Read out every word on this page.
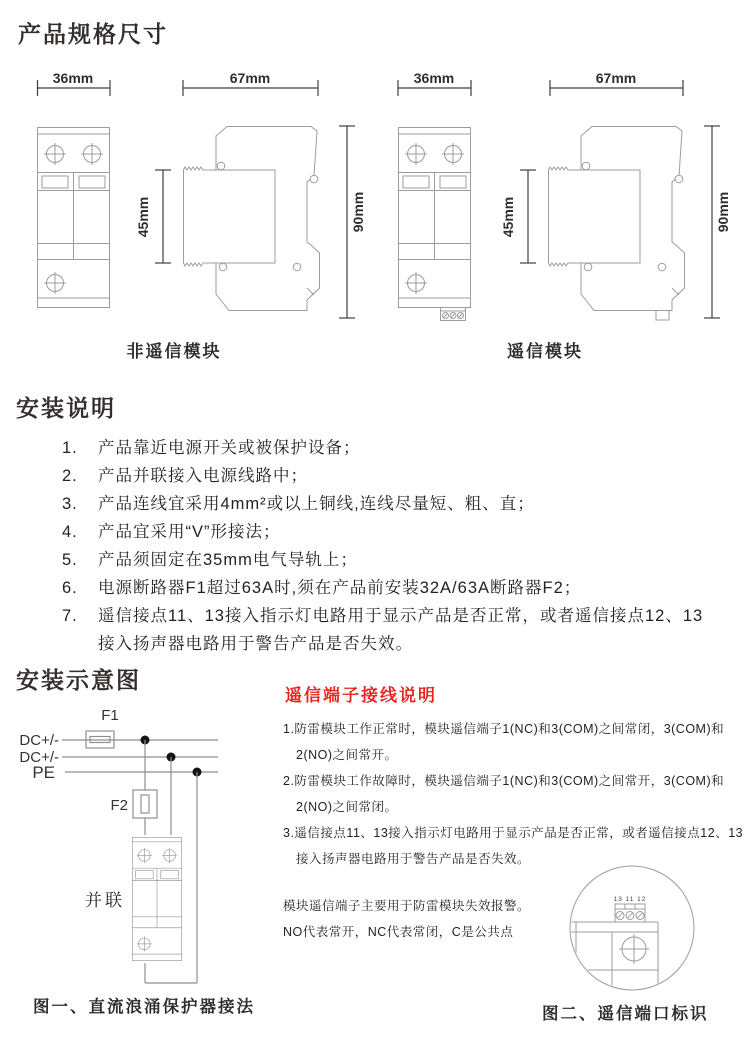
产品规格尺寸
36mm	67mm	36mm	67mm
45mm	90mm	45mm	90mm
非遥信模块	遥信模块
安装说明
1.	产品靠近电源开关或被保护设备；
2.	产品并联接入电源线路中；
3.	产品连线宜采用4mm²或以上铜线,连线尽量短、粗、直；
4.	产品宜采用“V”形接法；
5.	产品须固定在35mm电气导轨上；
6.	电源断路器F1超过63A时,须在产品前安装32A/63A断路器F2；
7.	遥信接点11、13接入指示灯电路用于显示产品是否正常，或者遥信接点12、13接入扬声器电路用于警告产品是否失效。
安装示意图
F1
DC+/-
DC+/-
PE
F2
并联
图一、直流浪涌保护器接法
遥信端子接线说明

1.防雷模块工作正常时，模块遥信端子1(NC)和3(COM)之间常闭，3(COM)和2(NO)之间常开。

2.防雷模块工作故障时，模块遥信端子1(NC)和3(COM)之间常开，3(COM)和2(NO)之间常闭。

3.遥信接点11、13接入指示灯电路用于显示产品是否正常，或者遥信接点12、13接入扬声器电路用于警告产品是否失效。

模块遥信端子主要用于防雷模块失效报警。

NO代表常开，NC代表常闭，C是公共点

13 11 12
图二、遥信端口标识
